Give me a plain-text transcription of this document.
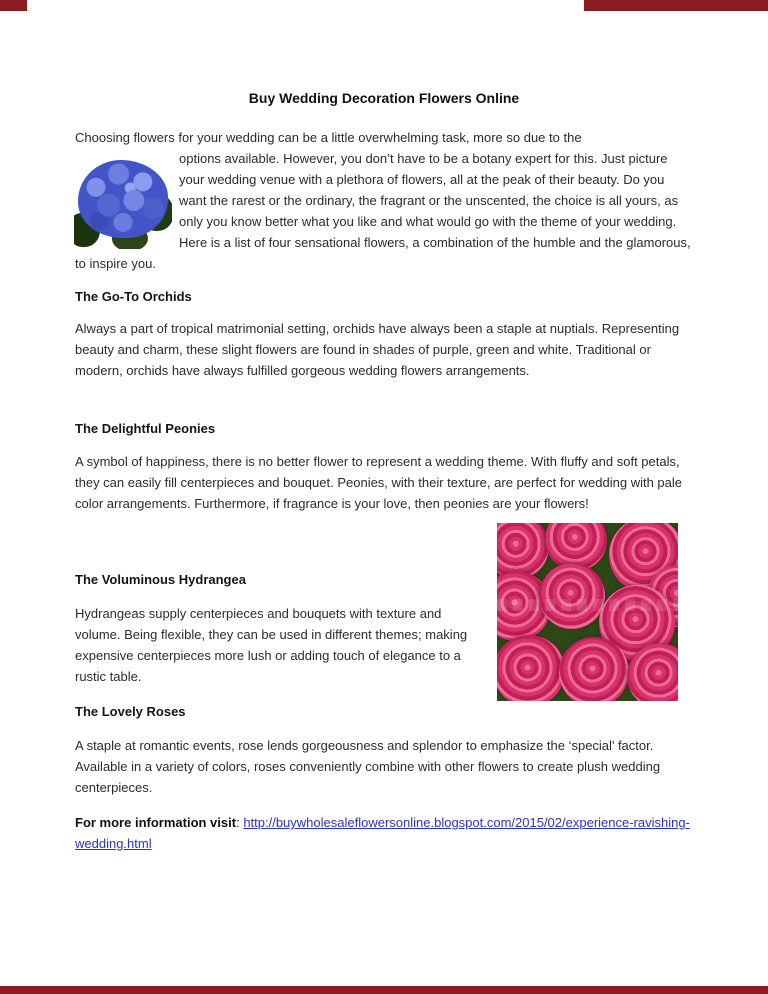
Buy Wedding Decoration Flowers Online
Choosing flowers for your wedding can be a little overwhelming task, more so due to the
options available. However, you don’t have to be a botany expert for this. Just picture your wedding venue with a plethora of flowers, all at the peak of their beauty. Do you want the rarest or the ordinary, the fragrant or the unscented, the choice is all yours, as only you know better what you like and what would go with the theme of your wedding. Here is a list of four sensational flowers, a combination of the humble and the glamorous, to inspire you.
The Go-To Orchids
Always a part of tropical matrimonial setting, orchids have always been a staple at nuptials. Representing beauty and charm, these slight flowers are found in shades of purple, green and white. Traditional or modern, orchids have always fulfilled gorgeous wedding flowers arrangements.
The Delightful Peonies
A symbol of happiness, there is no better flower to represent a wedding theme. With fluffy and soft petals, they can easily fill centerpieces and bouquet. Peonies, with their texture, are perfect for wedding with pale color arrangements. Furthermore, if fragrance is your love, then peonies are your flowers!
The Voluminous Hydrangea
Hydrangeas supply centerpieces and bouquets with texture and volume. Being flexible, they can be used in different themes; making expensive centerpieces more lush or adding touch of elegance to a rustic table.
The Lovely Roses
A staple at romantic events, rose lends gorgeousness and splendor to emphasize the ‘special’ factor. Available in a variety of colors, roses conveniently combine with other flowers to create plush wedding centerpieces.
For more information visit: http://buywholesaleflowersonline.blogspot.com/2015/02/experience-ravishing-wedding.html
